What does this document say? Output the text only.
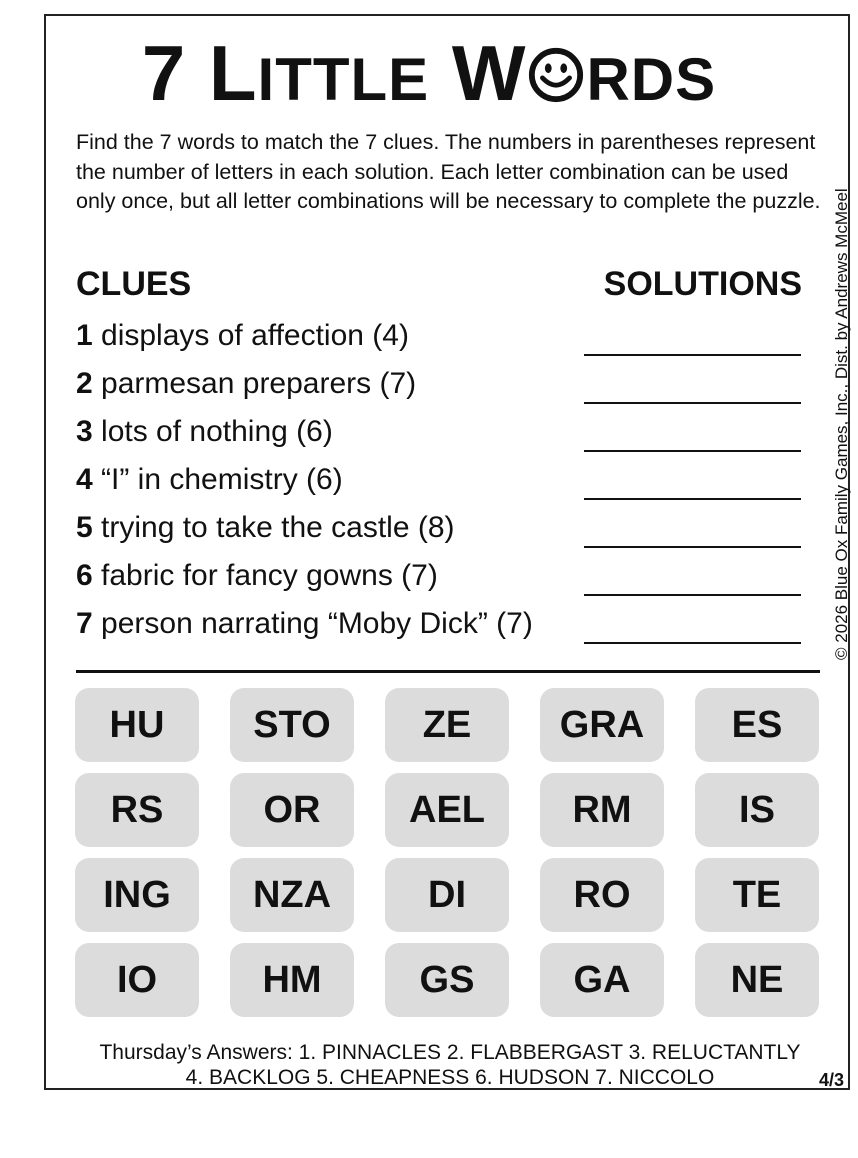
7 LITTLE W RDS
Find the 7 words to match the 7 clues. The numbers in parentheses represent the number of letters in each solution. Each letter combination can be used only once, but all letter combinations will be necessary to complete the puzzle. © 2026 Blue Ox Family Games, Inc., Dist. by Andrews McMeel
CLUES	SOLUTIONS
1 displays of affection (4)
2 parmesan preparers (7)
3 lots of nothing (6)
4 “I” in chemistry (6)
5 trying to take the castle (8)
6 fabric for fancy gowns (7)
7 person narrating “Moby Dick” (7)
HU	STO	ZE	GRA	ES
RS	OR	AEL	RM	IS
ING	NZA	DI	RO	TE
IO	HM	GS	GA	NE
Thursday’s Answers: 1. PINNACLES 2. FLABBERGAST 3. RELUCTANTLY
4. BACKLOG 5. CHEAPNESS 6. HUDSON 7. NICCOLO	4/3
